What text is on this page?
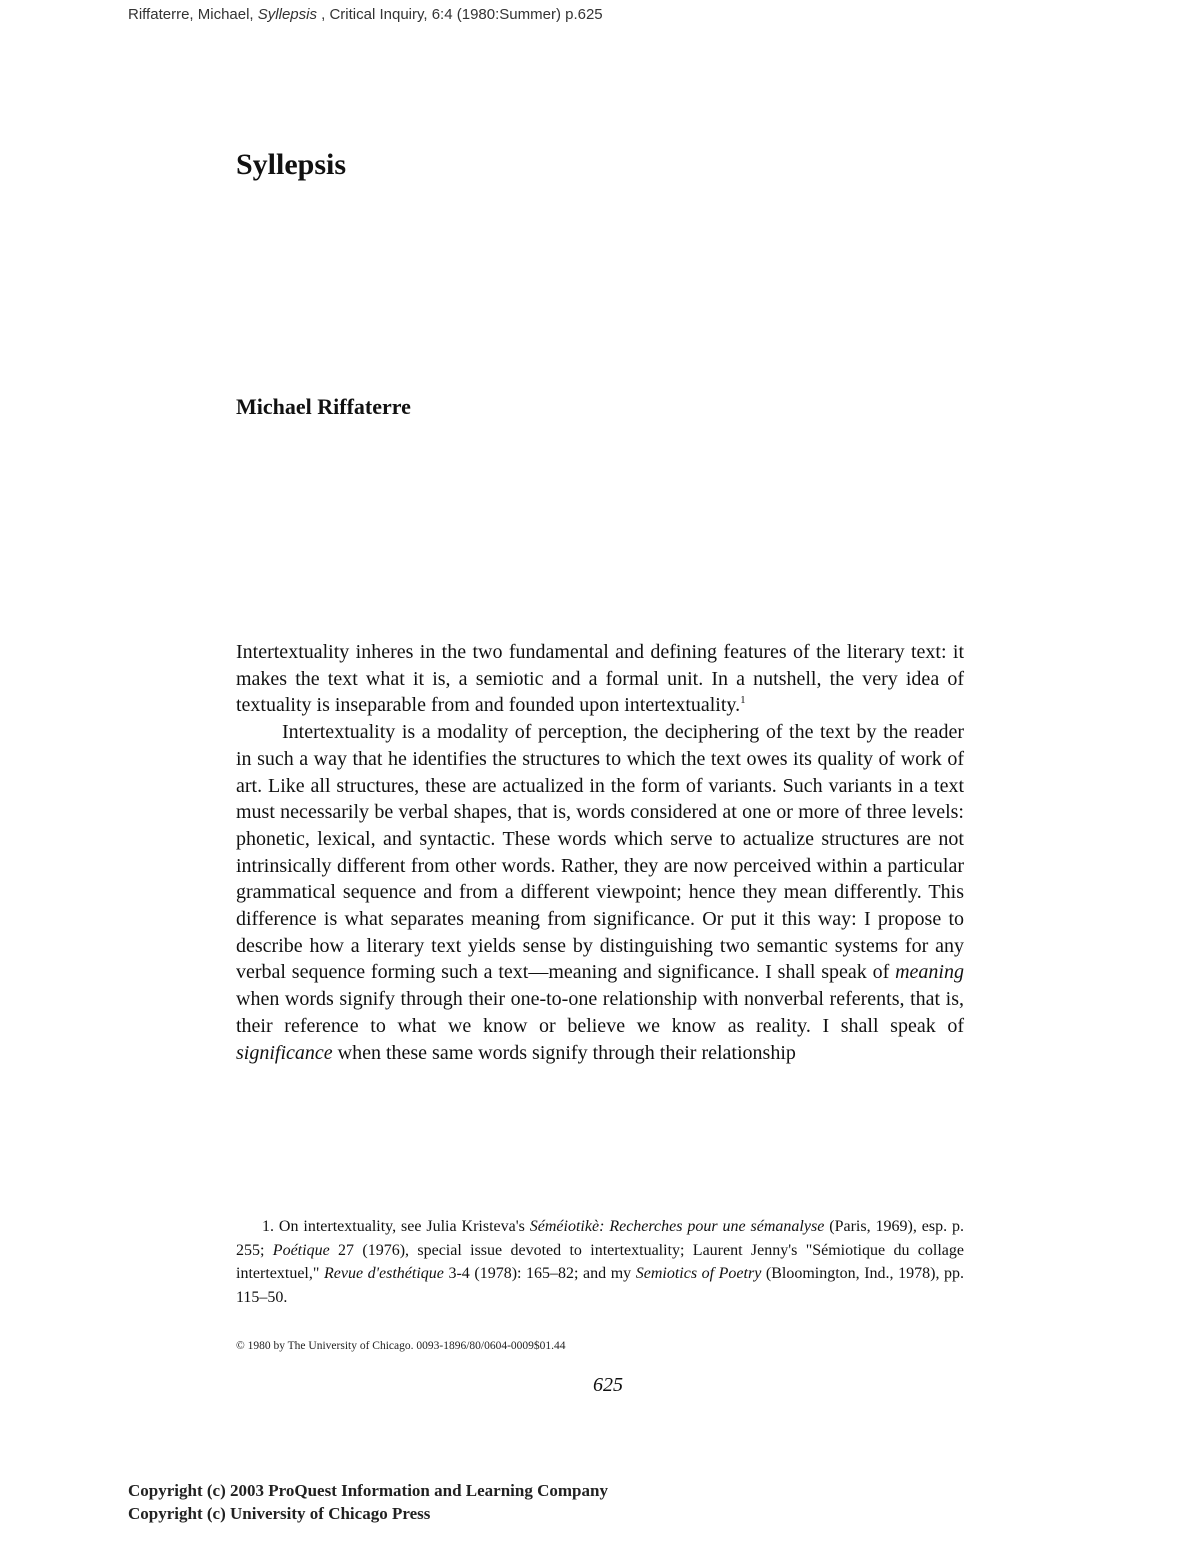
Riffaterre, Michael, Syllepsis , Critical Inquiry, 6:4 (1980:Summer) p.625
Syllepsis
Michael Riffaterre

Intertextuality inheres in the two fundamental and defining features of the literary text: it makes the text what it is, a semiotic and a formal unit. In a nutshell, the very idea of textuality is inseparable from and founded upon intertextuality.$^1$

Intertextuality is a modality of perception, the deciphering of the text by the reader in such a way that he identifies the structures to which the text owes its quality of work of art. Like all structures, these are actualized in the form of variants. Such variants in a text must necessarily be verbal shapes, that is, words considered at one or more of three levels: phonetic, lexical, and syntactic. These words which serve to actualize structures are not intrinsically different from other words. Rather, they are now perceived within a particular grammatical sequence and from a different viewpoint; hence they mean differently. This difference is what separates meaning from significance. Or put it this way: I propose to describe how a literary text yields sense by distinguishing two semantic systems for any verbal sequence forming such a text—meaning and significance. I shall speak of meaning when words signify through their one-to-one relationship with nonverbal referents, that is, their reference to what we know or believe we know as reality. I shall speak of significance when these same words signify through their relationship

1. On intertextuality, see Julia Kristeva's Séméiotikè: Recherches pour une sémanalyse (Paris, 1969), esp. p. 255; Poétique 27 (1976), special issue devoted to intertextuality; Laurent Jenny's "Sémiotique du collage intertextuel," Revue d'esthétique 3-4 (1978): 165–82; and my Semiotics of Poetry (Bloomington, Ind., 1978), pp. 115–50.
© 1980 by The University of Chicago. 0093-1896/80/0604-0009$01.44
625
Copyright (c) 2003 ProQuest Information and Learning Company
Copyright (c) University of Chicago Press
